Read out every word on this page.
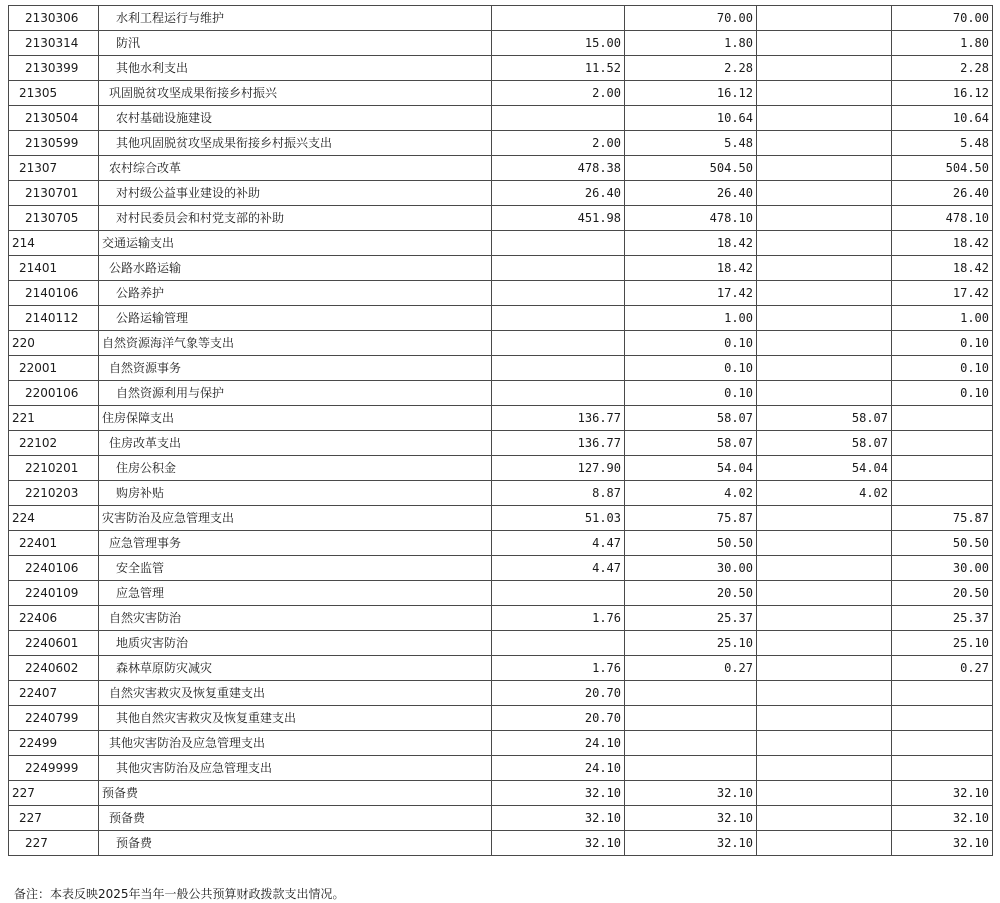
2130306	水利工程运行与维护		70.00		70.00
2130314	防汛	15.00	1.80		1.80
2130399	其他水利支出	11.52	2.28		2.28
21305	巩固脱贫攻坚成果衔接乡村振兴	2.00	16.12		16.12
2130504	农村基础设施建设		10.64		10.64
2130599	其他巩固脱贫攻坚成果衔接乡村振兴支出	2.00	5.48		5.48
21307	农村综合改革	478.38	504.50		504.50
2130701	对村级公益事业建设的补助	26.40	26.40		26.40
2130705	对村民委员会和村党支部的补助	451.98	478.10		478.10
214	交通运输支出		18.42		18.42
21401	公路水路运输		18.42		18.42
2140106	公路养护		17.42		17.42
2140112	公路运输管理		1.00		1.00
220	自然资源海洋气象等支出		0.10		0.10
22001	自然资源事务		0.10		0.10
2200106	自然资源利用与保护		0.10		0.10
221	住房保障支出	136.77	58.07	58.07	
22102	住房改革支出	136.77	58.07	58.07	
2210201	住房公积金	127.90	54.04	54.04	
2210203	购房补贴	8.87	4.02	4.02	
224	灾害防治及应急管理支出	51.03	75.87		75.87
22401	应急管理事务	4.47	50.50		50.50
2240106	安全监管	4.47	30.00		30.00
2240109	应急管理		20.50		20.50
22406	自然灾害防治	1.76	25.37		25.37
2240601	地质灾害防治		25.10		25.10
2240602	森林草原防灾减灾	1.76	0.27		0.27
22407	自然灾害救灾及恢复重建支出	20.70			
2240799	其他自然灾害救灾及恢复重建支出	20.70			
22499	其他灾害防治及应急管理支出	24.10			
2249999	其他灾害防治及应急管理支出	24.10			
227	预备费	32.10	32.10		32.10
227	预备费	32.10	32.10		32.10
227	预备费	32.10	32.10		32.10
备注：本表反映2025年当年一般公共预算财政拨款支出情况。
